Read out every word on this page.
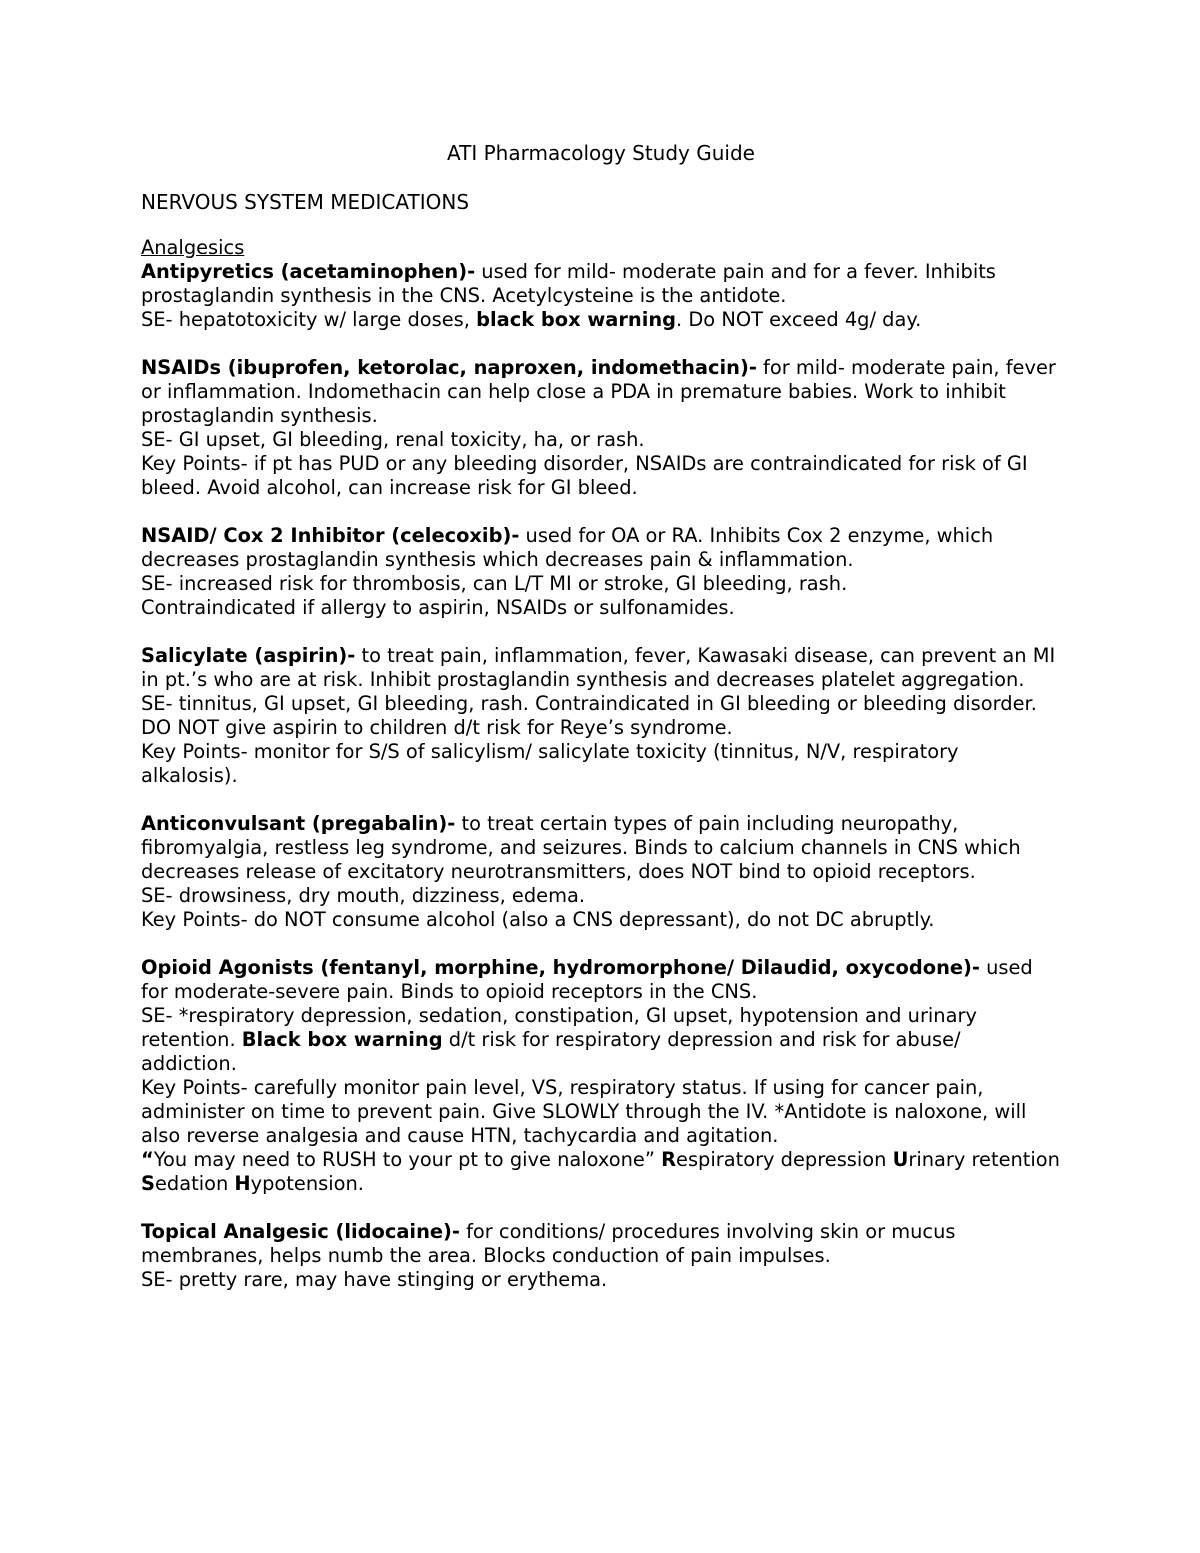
ATI Pharmacology Study Guide
NERVOUS SYSTEM MEDICATIONS

Analgesics

Antipyretics (acetaminophen)- used for mild- moderate pain and for a fever. Inhibits prostaglandin synthesis in the CNS. Acetylcysteine is the antidote.

SE- hepatotoxicity w/ large doses, black box warning. Do NOT exceed 4g/ day.

NSAIDs (ibuprofen, ketorolac, naproxen, indomethacin)- for mild- moderate pain, fever or inflammation. Indomethacin can help close a PDA in premature babies. Work to inhibit prostaglandin synthesis.

SE- GI upset, GI bleeding, renal toxicity, ha, or rash.

Key Points- if pt has PUD or any bleeding disorder, NSAIDs are contraindicated for risk of GI bleed. Avoid alcohol, can increase risk for GI bleed.

NSAID/ Cox 2 Inhibitor (celecoxib)- used for OA or RA. Inhibits Cox 2 enzyme, which decreases prostaglandin synthesis which decreases pain & inflammation.

SE- increased risk for thrombosis, can L/T MI or stroke, GI bleeding, rash.

Contraindicated if allergy to aspirin, NSAIDs or sulfonamides.

Salicylate (aspirin)- to treat pain, inflammation, fever, Kawasaki disease, can prevent an MI in pt.’s who are at risk. Inhibit prostaglandin synthesis and decreases platelet aggregation.

SE- tinnitus, GI upset, GI bleeding, rash. Contraindicated in GI bleeding or bleeding disorder. DO NOT give aspirin to children d/t risk for Reye’s syndrome.

Key Points- monitor for S/S of salicylism/ salicylate toxicity (tinnitus, N/V, respiratory alkalosis).

Anticonvulsant (pregabalin)- to treat certain types of pain including neuropathy, fibromyalgia, restless leg syndrome, and seizures. Binds to calcium channels in CNS which decreases release of excitatory neurotransmitters, does NOT bind to opioid receptors.

SE- drowsiness, dry mouth, dizziness, edema.

Key Points- do NOT consume alcohol (also a CNS depressant), do not DC abruptly.

Opioid Agonists (fentanyl, morphine, hydromorphone/ Dilaudid, oxycodone)- used for moderate-severe pain. Binds to opioid receptors in the CNS.

SE- *respiratory depression, sedation, constipation, GI upset, hypotension and urinary retention. Black box warning d/t risk for respiratory depression and risk for abuse/ addiction.

Key Points- carefully monitor pain level, VS, respiratory status. If using for cancer pain, administer on time to prevent pain. Give SLOWLY through the IV. *Antidote is naloxone, will also reverse analgesia and cause HTN, tachycardia and agitation.

“You may need to RUSH to your pt to give naloxone” Respiratory depression Urinary retention Sedation Hypotension.

Topical Analgesic (lidocaine)- for conditions/ procedures involving skin or mucus membranes, helps numb the area. Blocks conduction of pain impulses.

SE- pretty rare, may have stinging or erythema.
